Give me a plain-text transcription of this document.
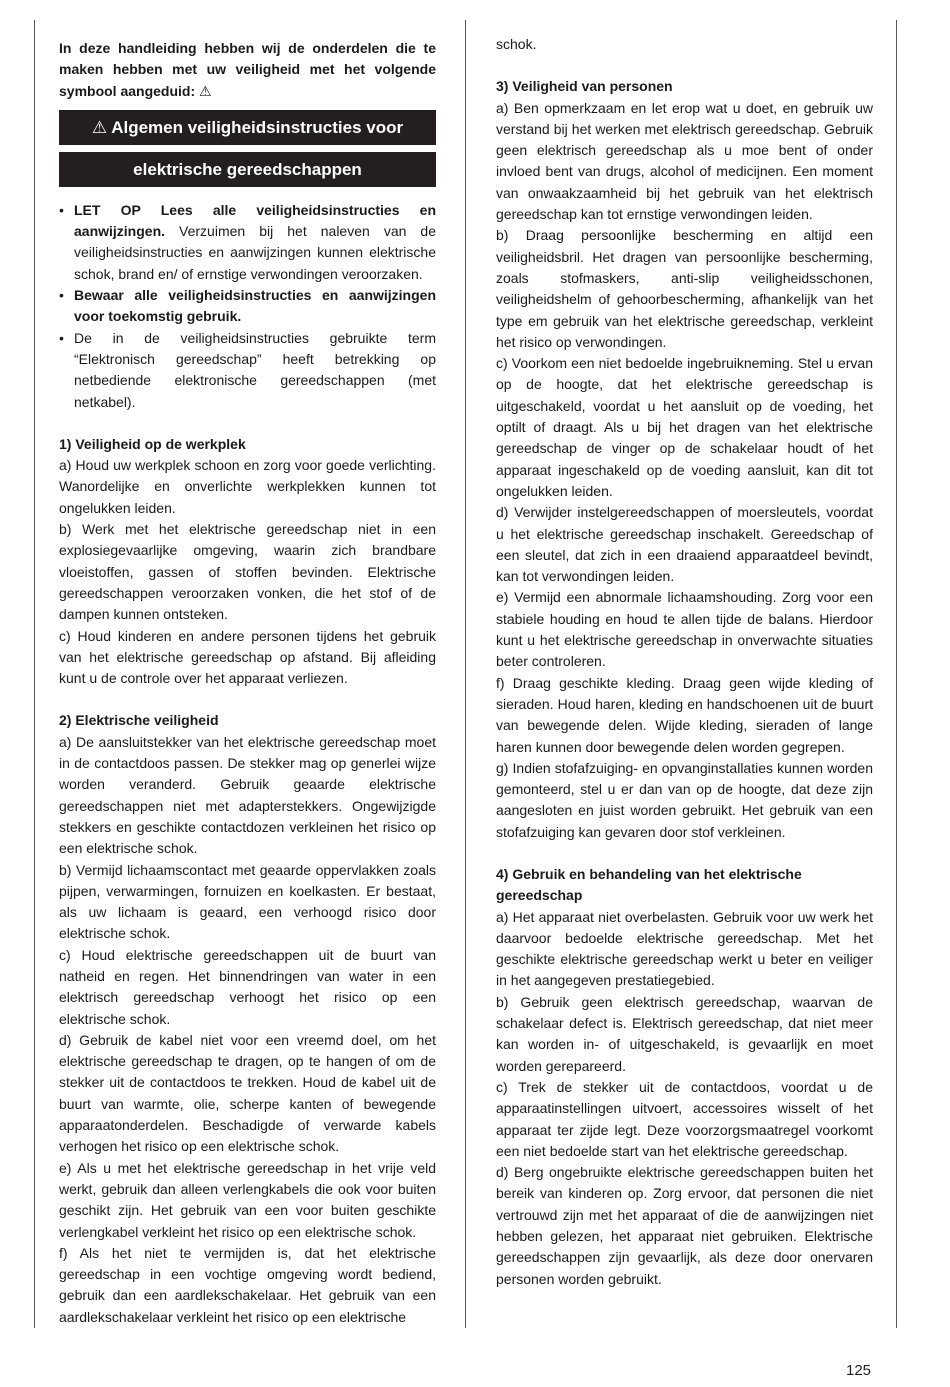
In deze handleiding hebben wij de onderdelen die te maken hebben met uw veiligheid met het volgende symbool aangeduid: ⚠

⚠ Algemen veiligheidsinstructies voor
elektrische gereedschappen
• LET OP Lees alle veiligheidsinstructies en aanwijzingen. Verzuimen bij het naleven van de veiligheidsinstructies en aanwijzingen kunnen elektrische schok, brand en/ of ernstige verwondingen veroorzaken.
• Bewaar alle veiligheidsinstructies en aanwijzingen voor toekomstig gebruik.
• De in de veiligheidsinstructies gebruikte term “Elektronisch gereedschap” heeft betrekking op netbediende elektronische gereedschappen (met netkabel).
1) Veiligheid op de werkplek

a) Houd uw werkplek schoon en zorg voor goede verlichting. Wanordelijke en onverlichte werkplekken kunnen tot ongelukken leiden.

b) Werk met het elektrische gereedschap niet in een explosiegevaarlijke omgeving, waarin zich brandbare vloeistoffen, gassen of stoffen bevinden. Elektrische gereedschappen veroorzaken vonken, die het stof of de dampen kunnen ontsteken.

c) Houd kinderen en andere personen tijdens het gebruik van het elektrische gereedschap op afstand. Bij afleiding kunt u de controle over het apparaat verliezen.

2) Elektrische veiligheid

a) De aansluitstekker van het elektrische gereedschap moet in de contactdoos passen. De stekker mag op generlei wijze worden veranderd. Gebruik geaarde elektrische gereedschappen niet met adapterstekkers. Ongewijzigde stekkers en geschikte contactdozen verkleinen het risico op een elektrische schok.

b) Vermijd lichaamscontact met geaarde oppervlakken zoals pijpen, verwarmingen, fornuizen en koelkasten. Er bestaat, als uw lichaam is geaard, een verhoogd risico door elektrische schok.

c) Houd elektrische gereedschappen uit de buurt van natheid en regen. Het binnendringen van water in een elektrisch gereedschap verhoogt het risico op een elektrische schok.

d) Gebruik de kabel niet voor een vreemd doel, om het elektrische gereedschap te dragen, op te hangen of om de stekker uit de contactdoos te trekken. Houd de kabel uit de buurt van warmte, olie, scherpe kanten of bewegende apparaatonderdelen. Beschadigde of verwarde kabels verhogen het risico op een elektrische schok.

e) Als u met het elektrische gereedschap in het vrije veld werkt, gebruik dan alleen verlengkabels die ook voor buiten geschikt zijn. Het gebruik van een voor buiten geschikte verlengkabel verkleint het risico op een elektrische schok.

f) Als het niet te vermijden is, dat het elektrische gereedschap in een vochtige omgeving wordt bediend, gebruik dan een aardlekschakelaar. Het gebruik van een aardlekschakelaar verkleint het risico op een elektrische

schok.

3) Veiligheid van personen

a) Ben opmerkzaam en let erop wat u doet, en gebruik uw verstand bij het werken met elektrisch gereedschap. Gebruik geen elektrisch gereedschap als u moe bent of onder invloed bent van drugs, alcohol of medicijnen. Een moment van onwaakzaamheid bij het gebruik van het elektrisch gereedschap kan tot ernstige verwondingen leiden.

b) Draag persoonlijke bescherming en altijd een veiligheidsbril. Het dragen van persoonlijke bescherming, zoals stofmaskers, anti-slip veiligheidsschonen, veiligheidshelm of gehoorbescherming, afhankelijk van het type em gebruik van het elektrische gereedschap, verkleint het risico op verwondingen.

c) Voorkom een niet bedoelde ingebruikneming. Stel u ervan op de hoogte, dat het elektrische gereedschap is uitgeschakeld, voordat u het aansluit op de voeding, het optilt of draagt. Als u bij het dragen van het elektrische gereedschap de vinger op de schakelaar houdt of het apparaat ingeschakeld op de voeding aansluit, kan dit tot ongelukken leiden.

d) Verwijder instelgereedschappen of moersleutels, voordat u het elektrische gereedschap inschakelt. Gereedschap of een sleutel, dat zich in een draaiend apparaatdeel bevindt, kan tot verwondingen leiden.

e) Vermijd een abnormale lichaamshouding. Zorg voor een stabiele houding en houd te allen tijde de balans. Hierdoor kunt u het elektrische gereedschap in onverwachte situaties beter controleren.

f) Draag geschikte kleding. Draag geen wijde kleding of sieraden. Houd haren, kleding en handschoenen uit de buurt van bewegende delen. Wijde kleding, sieraden of lange haren kunnen door bewegende delen worden gegrepen.

g) Indien stofafzuiging- en opvanginstallaties kunnen worden gemonteerd, stel u er dan van op de hoogte, dat deze zijn aangesloten en juist worden gebruikt. Het gebruik van een stofafzuiging kan gevaren door stof verkleinen.

4) Gebruik en behandeling van het elektrische gereedschap

a) Het apparaat niet overbelasten. Gebruik voor uw werk het daarvoor bedoelde elektrische gereedschap. Met het geschikte elektrische gereedschap werkt u beter en veiliger in het aangegeven prestatiegebied.

b) Gebruik geen elektrisch gereedschap, waarvan de schakelaar defect is. Elektrisch gereedschap, dat niet meer kan worden in- of uitgeschakeld, is gevaarlijk en moet worden gerepareerd.

c) Trek de stekker uit de contactdoos, voordat u de apparaatinstellingen uitvoert, accessoires wisselt of het apparaat ter zijde legt. Deze voorzorgsmaatregel voorkomt een niet bedoelde start van het elektrische gereedschap.

d) Berg ongebruikte elektrische gereedschappen buiten het bereik van kinderen op. Zorg ervoor, dat personen die niet vertrouwd zijn met het apparaat of die de aanwijzingen niet hebben gelezen, het apparaat niet gebruiken. Elektrische gereedschappen zijn gevaarlijk, als deze door onervaren personen worden gebruikt.

125
